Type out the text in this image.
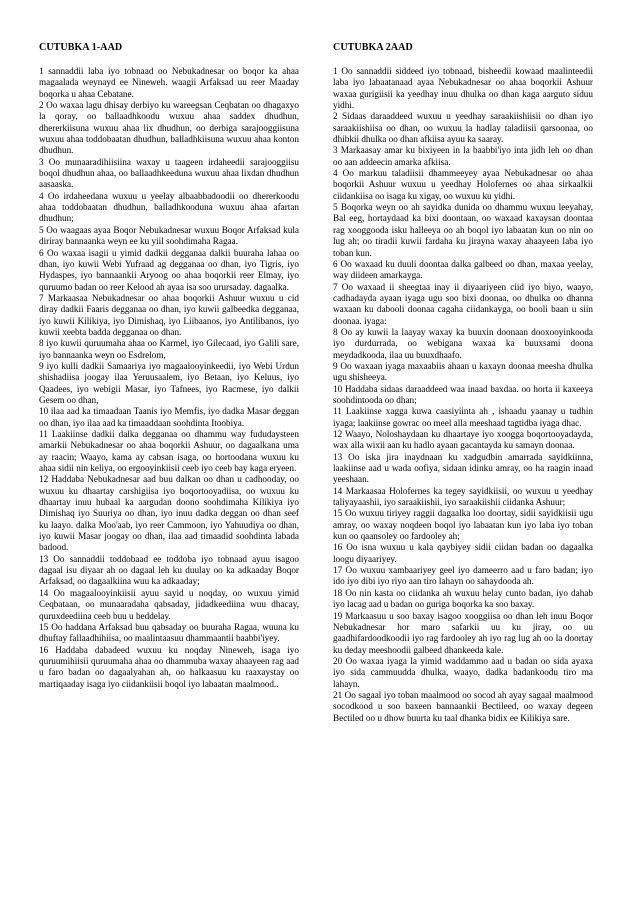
CUTUBKA 1-AAD

1 sannaddii laba iyo tobnaad oo Nebukadnesar oo boqor ka ahaa magaalada weynayd ee Nineweh. waagii Arfaksad uu reer Maaday boqorka u ahaa Cebatane.

2 Oo waxaa lagu dhisay derbiyo ku wareegsan Ceqbatan oo dhagaxyo la qoray, oo ballaadhkoodu wuxuu ahaa saddex dhudhun, dhererkiisuna wuxuu ahaa lix dhudhun, oo derbiga sarajooggiisuna wuxuu ahaa toddobaatan dhudhun, balladhkiisuna wuxuu ahaa konton dhudhun.

3 Oo munaaradihiisiina waxay u taageen irdaheedii sarajooggiisu boqol dhudhun ahaa, oo ballaadhkeeduna wuxuu ahaa lixdan dhudhun aasaaska.

4 Oo irdaheedana wuxuu u yeelay albaabbadoodii oo dhererkoodu ahaa toddobaatan dhudhun, balladhkooduna wuxuu ahaa afartan dhudhun;

5 Oo waagaas ayaa Boqor Nebukadnesar wuxuu Boqor Arfaksad kula diriray bannaanka weyn ee ku yiil soohdimaha Ragaa.

6 Oo waxaa isagii u yimid dadkii degganaa dalkii buuraha lahaa oo dhan, iyo kuwii Webi Yufraad ag degganaa oo dhan, iyo Tigris, iyo Hydaspes, iyo bannaankii Aryoog oo ahaa boqorkii reer Elmay, iyo quruumo badan oo reer Kelood ah ayaa isa soo urursaday. dagaalka.

7 Markaasaa Nebukadnesar oo ahaa boqorkii Ashuur wuxuu u cid diray dadkii Faaris degganaa oo dhan, iyo kuwii galbeedka degganaa, iyo kuwii Kilikiya, iyo Dimishaq, iyo Liibaanos, iyo Antilibanos, iyo kuwii xeebta badda degganaa oo dhan.

8 iyo kuwii quruumaha ahaa oo Karmel, iyo Gilecaad, iyo Galili sare, iyo bannaanka weyn oo Esdrelom,

9 iyo kulli dadkii Samaariya iyo magaalooyinkeedii, iyo Webi Urdun shishadiisa joogay ilaa Yeruusaalem, iyo Betaan, iyo Keluus, iyo Qaadees, iyo webigii Masar, iyo Tafnees, iyo Racmese, iyo dalkii Gesem oo dhan,

10 ilaa aad ka timaadaan Taanis iyo Memfis, iyo dadka Masar deggan oo dhan, iyo ilaa aad ka timaaddaan soohdinta Itoobiya.

11 Laakiinse dadkii dalka degganaa oo dhammu way fududaysteen amarkii Nebukadnesar oo ahaa boqorkii Ashuur, oo dagaalkana uma ay raacin; Waayo, kama ay cabsan isaga, oo hortoodana wuxuu ku ahaa sidii nin keliya, oo ergooyinkiisii ceeb iyo ceeb bay kaga eryeen.

12 Haddaba Nebukadnesar aad buu dalkan oo dhan u cadhooday, oo wuxuu ku dhaartay carshigiisa iyo boqortooyadiisa, oo wuxuu ku dhaartay inuu hubaal ka aargudan doono soohdimaha Kilikiya iyo Dimishaq iyo Suuriya oo dhan, iyo inuu dadka deggan oo dhan seef ku laayo. dalka Moo'aab, iyo reer Cammoon, iyo Yahuudiya oo dhan, iyo kuwii Masar joogay oo dhan, ilaa aad timaadid soohdinta labada badood.

13 Oo sannaddii toddobaad ee toddoba iyo tobnaad ayuu isagoo dagaal isu diyaar ah oo dagaal leh ku duulay oo ka adkaaday Boqor Arfaksad, oo dagaalkiina wuu ka adkaaday;

14 Oo magaalooyinkiisii ayuu sayid u noqday, oo wuxuu yimid Ceqbataan, oo munaaradaha qabsaday, jidadkeediina wuu dhacay, quruxdeediina ceeb buu u beddelay.

15 Oo haddana Arfaksad buu qabsaday oo buuraha Ragaa, wuuna ku dhuftay fallaadhihiisa, oo maalintaasuu dhammaantii baabbi'iyey.

16 Haddaba dabadeed wuxuu ku noqday Nineweh, isaga iyo quruumihiisii quruumaha ahaa oo dhammuba waxay ahaayeen rag aad u faro badan oo dagaalyahan ah, oo halkaasuu ku raaxaystay oo martiqaaday isaga iyo ciidankiisii boqol iyo labaatan maalmood..

CUTUBKA 2AAD

1 Oo sannaddii siddeed iyo tobnaad, bisheedii kowaad maalinteedii laba iyo labaatanaad ayaa Nebukadnesar oo ahaa boqorkii Ashuur waxaa gurigiisii ka yeedhay inuu dhulka oo dhan kaga aarguto siduu yidhi.

2 Sidaas daraaddeed wuxuu u yeedhay saraakiishiisii oo dhan iyo saraakiishiisa oo dhan, oo wuxuu la hadlay taladiisii qarsoonaa, oo dhibkii dhulka oo dhan afkiisa ayuu ka saaray.

3 Markaasay amar ku bixiyeen in la baabbi'iyo inta jidh leh oo dhan oo aan addeecin amarka afkiisa.

4 Oo markuu taladiisii dhammeeyey ayaa Nebukadnesar oo ahaa boqorkii Ashuur wuxuu u yeedhay Holofernes oo ahaa sirkaalkii ciidankiisa oo isaga ku xigay, oo wuxuu ku yidhi.

5 Boqorka weyn oo ah sayidka dunida oo dhammu wuxuu leeyahay, Bal eeg, hortaydaad ka bixi doontaan, oo waxaad kaxaysan doontaa rag xooggooda isku halleeya oo ah boqol iyo labaatan kun oo nin oo lug ah; oo tiradii kuwii fardaha ku jirayna waxay ahaayeen laba iyo toban kun.

6 Oo waxaad ku duuli doontaa dalka galbeed oo dhan, maxaa yeelay, way diideen amarkayga.

7 Oo waxaad ii sheegtaa inay ii diyaariyeen ciid iyo biyo, waayo, cadhadayda ayaan iyaga ugu soo bixi doonaa, oo dhulka oo dhanna waxaan ku dabooli doonaa cagaha ciidankayga, oo booli baan u siin doonaa. iyaga:

8 Oo ay kuwii la laayay waxay ka buuxin doonaan dooxooyinkooda iyo durdurrada, oo webigana waxaa ka buuxsami doona meydadkooda, ilaa uu buuxdhaafo.

9 Oo waxaan iyaga maxaabiis ahaan u kaxayn doonaa meesha dhulka ugu shisheeya.

10 Haddaba sidaas daraaddeed waa inaad baxdaa. oo horta ii kaxeeya soohdintooda oo dhan;

11 Laakiinse xagga kuwa caasiyiinta ah , ishaadu yaanay u tudhin iyaga; laakiinse gowrac oo meel alla meeshaad tagtidba iyaga dhac.

12 Waayo, Noloshaydaan ku dhaartaye iyo xoogga boqortooyadayda, wax alla wixii aan ku hadlo ayaan gacantayda ku samayn doonaa.

13 Oo iska jira inaydnaan ku xadgudbin amarrada sayidkiinna, laakiinse aad u wada oofiya, sidaan idinku amray, oo ha raagin inaad yeeshaan.

14 Markaasaa Holofernes ka tegey sayidkiisii, oo wuxuu u yeedhay taliyayaashii, iyo saraakiishii, iyo saraakiishii ciidanka Ashuur;

15 Oo wuxuu tiriyey raggii dagaalka loo doortay, sidii sayidkiisii ugu amray, oo waxay noqdeen boqol iyo labaatan kun iyo laba iyo toban kun oo qaansoley oo fardooley ah;

16 Oo isna wuxuu u kala qaybiyey sidii ciidan badan oo dagaalka loogu diyaariyey.

17 Oo wuxuu xambaariyey geel iyo dameerro aad u faro badan; iyo ido iyo dibi iyo riyo aan tiro lahayn oo sahaydooda ah.

18 Oo nin kasta oo ciidanka ah wuxuu helay cunto badan, iyo dahab iyo lacag aad u badan oo guriga boqorka ka soo baxay.

19 Markaasuu u soo baxay isagoo xooggiisa oo dhan leh inuu Boqor Nebukadnesar hor maro safarkii uu ku jiray, oo uu gaadhifardoodkoodii iyo rag fardooley ah iyo rag lug ah oo la doortay ku deday meeshoodii galbeed dhankeeda kale.

20 Oo waxaa iyaga la yimid waddammo aad u badan oo sida ayaxa iyo sida cammuudda dhulka, waayo, dadka badankoodu tiro ma lahayn.

21 Oo sagaal iyo toban maalmood oo socod ah ayay sagaal maalmood socodkood u soo baxeen bannaankii Bectileed, oo waxay degeen Bectiled oo u dhow buurta ku taal dhanka bidix ee Kilikiya sare.
